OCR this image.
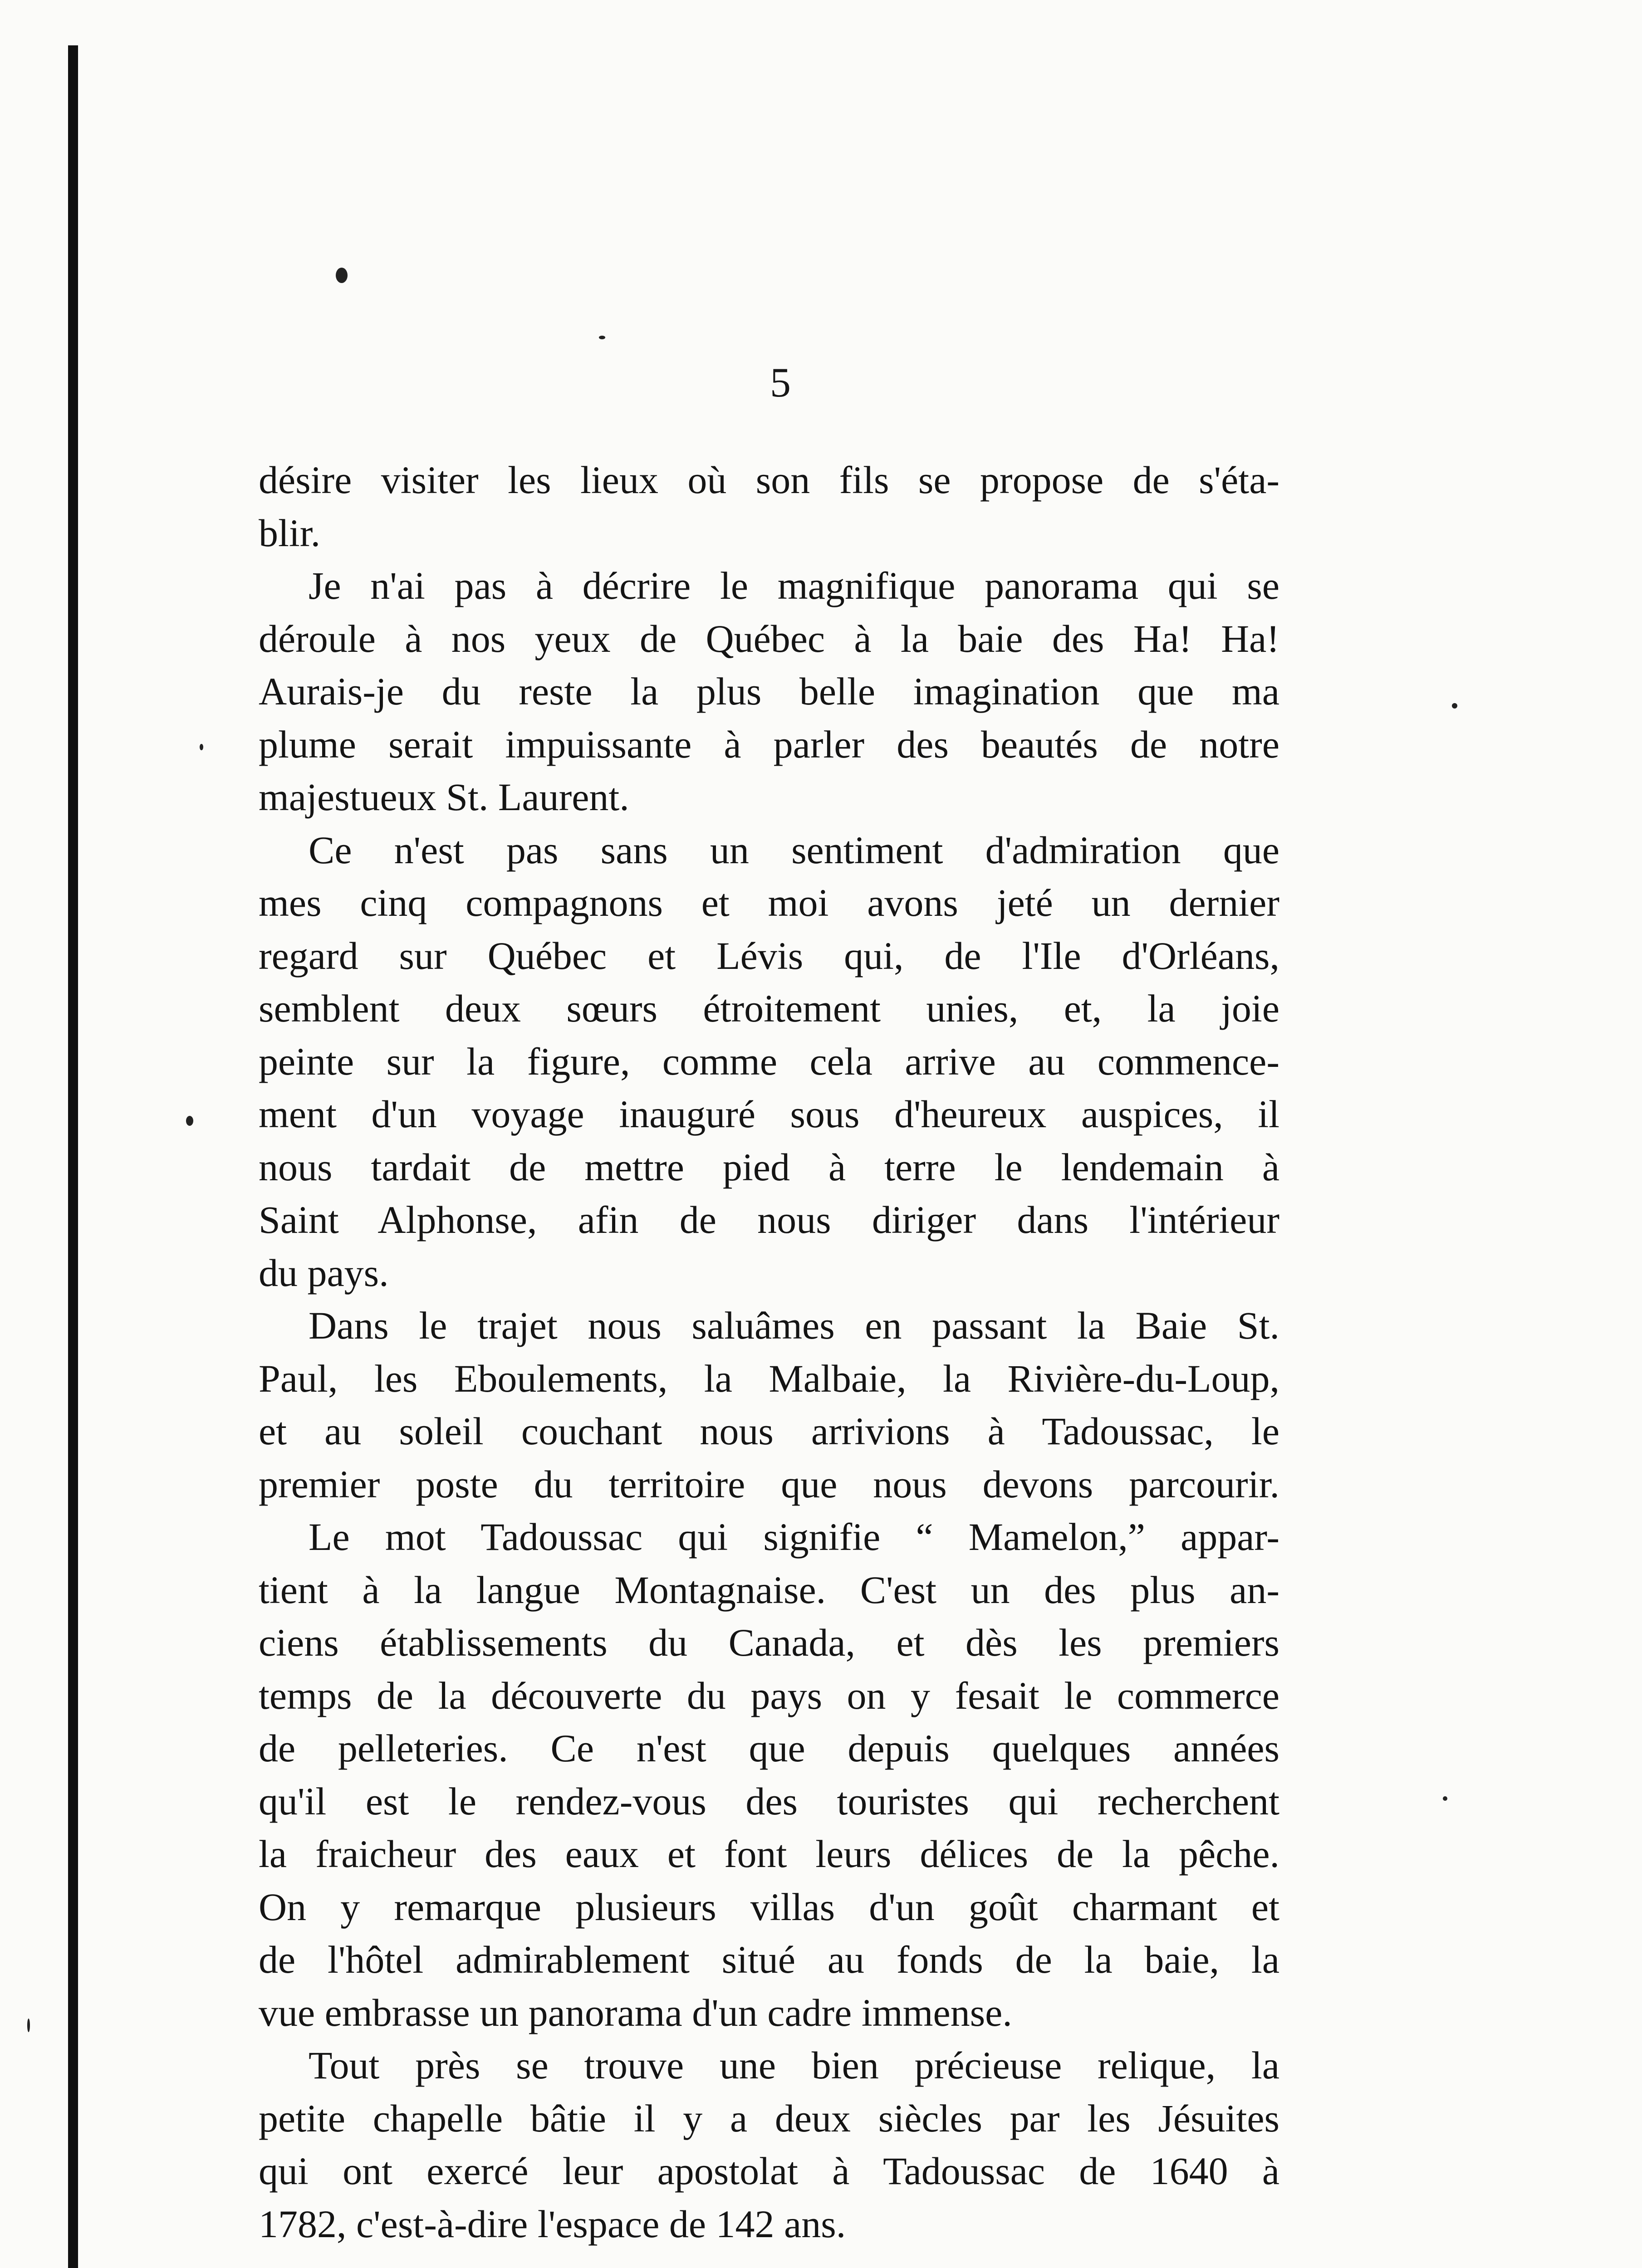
5
désire visiter les lieux où son fils se propose de s'éta-
blir.
Je n'ai pas à décrire le magnifique panorama qui se
déroule à nos yeux de Québec à la baie des Ha! Ha!
Aurais-je du reste la plus belle imagination que ma
plume serait impuissante à parler des beautés de notre
majestueux St. Laurent.
Ce n'est pas sans un sentiment d'admiration que
mes cinq compagnons et moi avons jeté un dernier
regard sur Québec et Lévis qui, de l'Ile d'Orléans,
semblent deux sœurs étroitement unies, et, la joie
peinte sur la figure, comme cela arrive au commence-
ment d'un voyage inauguré sous d'heureux auspices, il
nous tardait de mettre pied à terre le lendemain à
Saint Alphonse, afin de nous diriger dans l'intérieur
du pays.
Dans le trajet nous saluâmes en passant la Baie St.
Paul, les Eboulements, la Malbaie, la Rivière-du-Loup,
et au soleil couchant nous arrivions à Tadoussac, le
premier poste du territoire que nous devons parcourir.
Le mot Tadoussac qui signifie “ Mamelon,” appar-
tient à la langue Montagnaise. C'est un des plus an-
ciens établissements du Canada, et dès les premiers
temps de la découverte du pays on y fesait le commerce
de pelleteries. Ce n'est que depuis quelques années
qu'il est le rendez-vous des touristes qui recherchent
la fraicheur des eaux et font leurs délices de la pêche.
On y remarque plusieurs villas d'un goût charmant et
de l'hôtel admirablement situé au fonds de la baie, la
vue embrasse un panorama d'un cadre immense.
Tout près se trouve une bien précieuse relique, la
petite chapelle bâtie il y a deux siècles par les Jésuites
qui ont exercé leur apostolat à Tadoussac de 1640 à
1782, c'est-à-dire l'espace de 142 ans.
